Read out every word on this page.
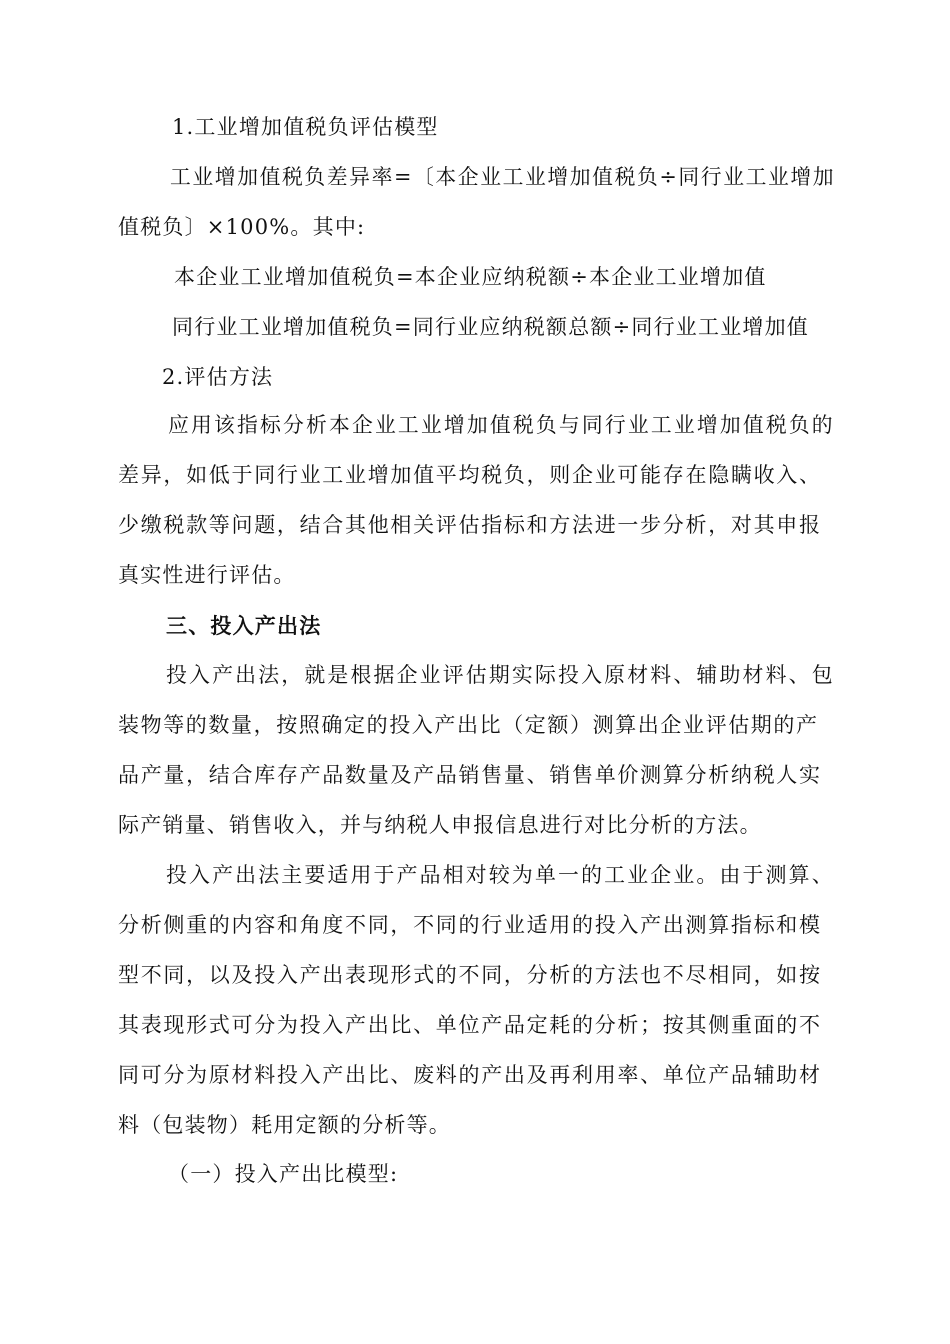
1.工业增加值税负评估模型
工业增加值税负差异率=〔本企业工业增加值税负÷同行业工业增加
值税负〕×100%。其中:
本企业工业增加值税负=本企业应纳税额÷本企业工业增加值
同行业工业增加值税负=同行业应纳税额总额÷同行业工业增加值
2.评估方法
应用该指标分析本企业工业增加值税负与同行业工业增加值税负的
差异，如低于同行业工业增加值平均税负，则企业可能存在隐瞒收入、
少缴税款等问题，结合其他相关评估指标和方法进一步分析，对其申报
真实性进行评估。
三、投入产出法
投入产出法，就是根据企业评估期实际投入原材料、辅助材料、包
装物等的数量，按照确定的投入产出比（定额）测算出企业评估期的产
品产量，结合库存产品数量及产品销售量、销售单价测算分析纳税人实
际产销量、销售收入，并与纳税人申报信息进行对比分析的方法。
投入产出法主要适用于产品相对较为单一的工业企业。由于测算、
分析侧重的内容和角度不同，不同的行业适用的投入产出测算指标和模
型不同，以及投入产出表现形式的不同，分析的方法也不尽相同，如按
其表现形式可分为投入产出比、单位产品定耗的分析；按其侧重面的不
同可分为原材料投入产出比、废料的产出及再利用率、单位产品辅助材
料（包装物）耗用定额的分析等。
（一）投入产出比模型:
